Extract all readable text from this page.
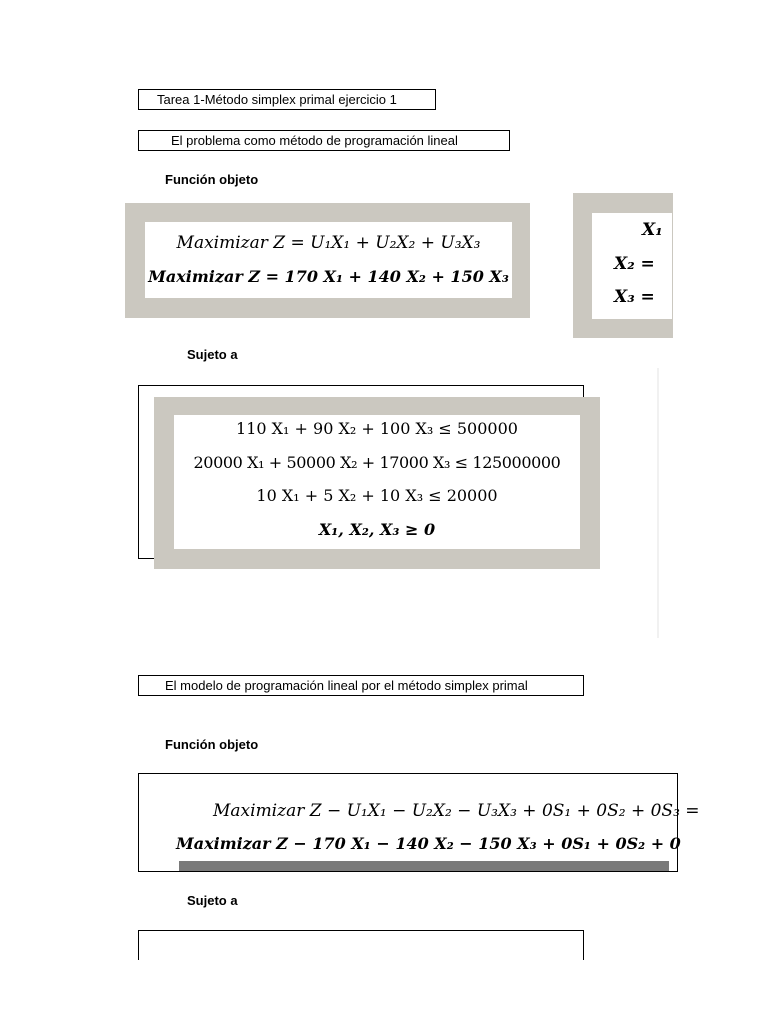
Tarea 1-Método simplex primal ejercicio 1
El problema como método de programación lineal
Función objeto
Maximizar Z = U₁X₁ + U₂X₂ + U₃X₃
Maximizar Z = 170 X₁ + 140 X₂ + 150 X₃
X₁
X₂ =
X₃ =
Sujeto a
110 X₁ + 90 X₂ + 100 X₃ ≤ 500000
20000 X₁ + 50000 X₂ + 17000 X₃ ≤ 125000000
10 X₁ + 5 X₂ + 10 X₃ ≤ 20000
X₁, X₂, X₃ ≥ 0
El modelo de programación lineal por el método simplex primal
Función objeto
Maximizar Z − U₁X₁ − U₂X₂ − U₃X₃ + 0S₁ + 0S₂ + 0S₃ =
Maximizar Z − 170 X₁ − 140 X₂ − 150 X₃ + 0S₁ + 0S₂ + 0
Sujeto a
